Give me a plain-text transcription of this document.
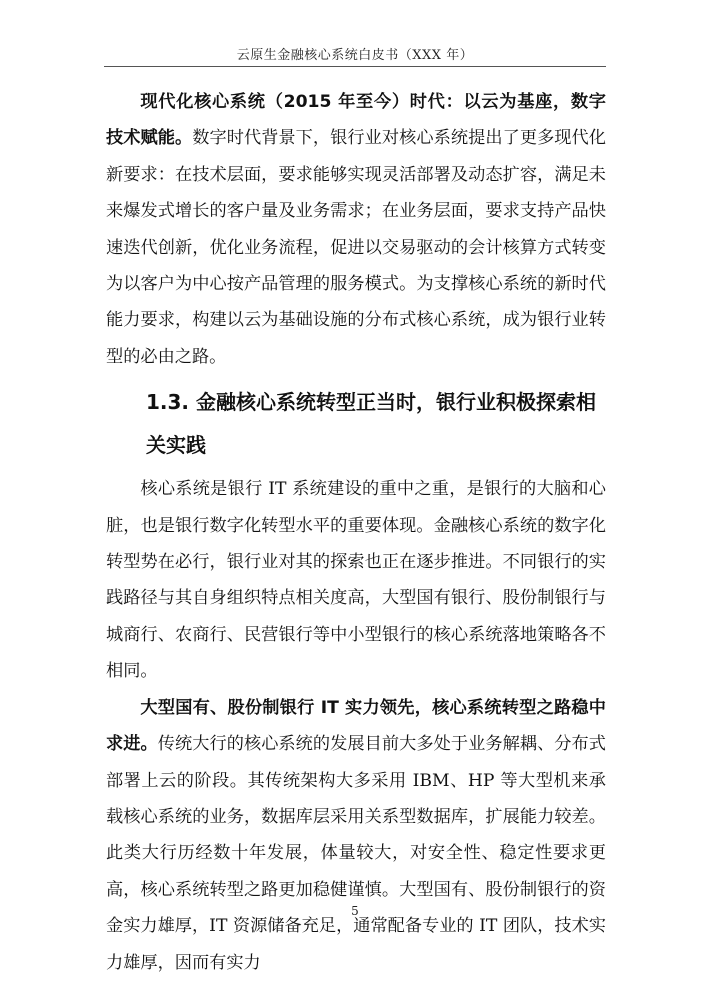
云原生金融核心系统白皮书（XXX 年）

现代化核心系统（2015 年至今）时代：以云为基座，数字技术赋能。数字时代背景下，银行业对核心系统提出了更多现代化新要求：在技术层面，要求能够实现灵活部署及动态扩容，满足未来爆发式增长的客户量及业务需求；在业务层面，要求支持产品快速迭代创新，优化业务流程，促进以交易驱动的会计核算方式转变为以客户为中心按产品管理的服务模式。为支撑核心系统的新时代能力要求，构建以云为基础设施的分布式核心系统，成为银行业转型的必由之路。

1.3. 金融核心系统转型正当时，银行业积极探索相关实践

核心系统是银行 IT 系统建设的重中之重，是银行的大脑和心脏，也是银行数字化转型水平的重要体现。金融核心系统的数字化转型势在必行，银行业对其的探索也正在逐步推进。不同银行的实践路径与其自身组织特点相关度高，大型国有银行、股份制银行与城商行、农商行、民营银行等中小型银行的核心系统落地策略各不相同。

大型国有、股份制银行 IT 实力领先，核心系统转型之路稳中求进。传统大行的核心系统的发展目前大多处于业务解耦、分布式部署上云的阶段。其传统架构大多采用 IBM、HP 等大型机来承载核心系统的业务，数据库层采用关系型数据库，扩展能力较差。此类大行历经数十年发展，体量较大，对安全性、稳定性要求更高，核心系统转型之路更加稳健谨慎。大型国有、股份制银行的资金实力雄厚，IT 资源储备充足，通常配备专业的 IT 团队，技术实力雄厚，因而有实力

5
